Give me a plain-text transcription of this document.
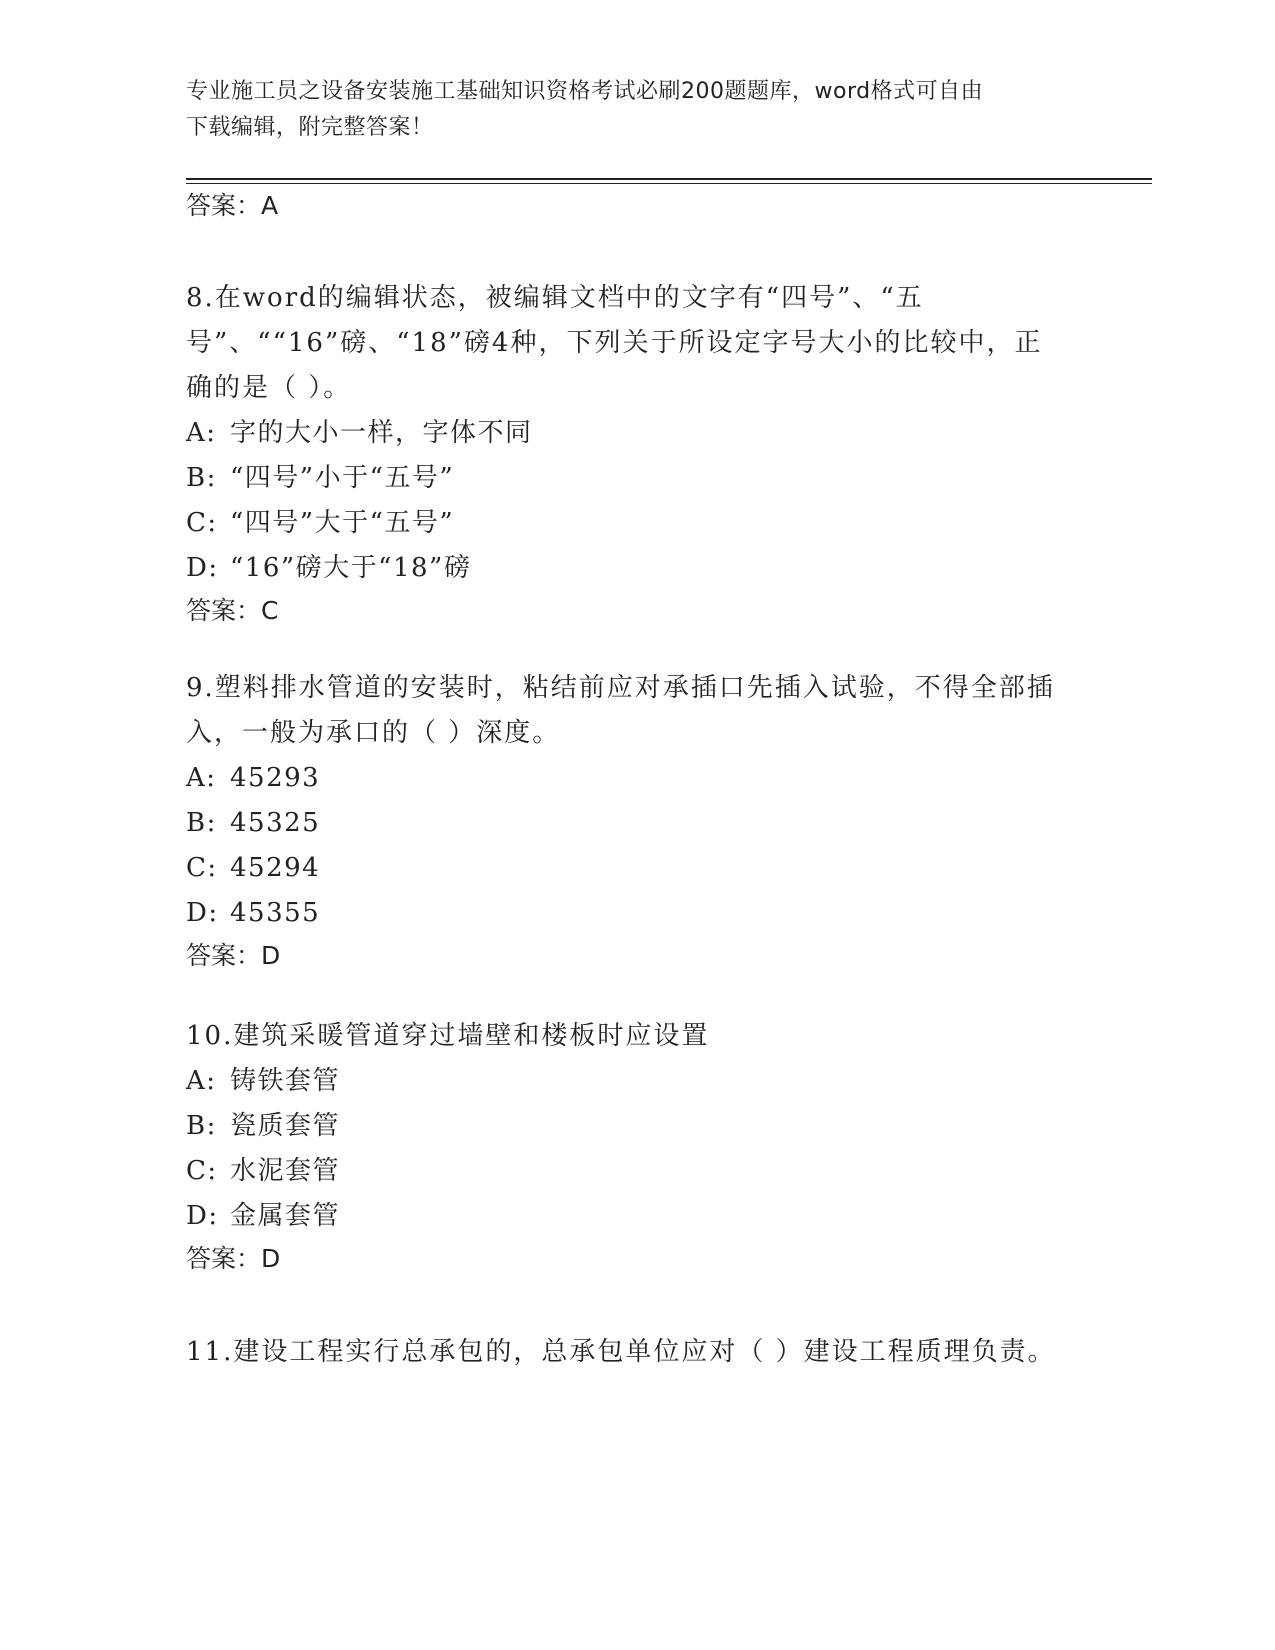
专业施工员之设备安装施工基础知识资格考试必刷200题题库，word格式可自由
下载编辑，附完整答案！
答案：A

8.在word的编辑状态，被编辑文档中的文字有“四号”、“五号”、““16”磅、“18”磅4种，下列关于所设定字号大小的比较中，正确的是（ ）。

A: 字的大小一样，字体不同
B: “四号”小于“五号”
C: “四号”大于“五号”
D: “16”磅大于“18”磅
答案：C

9.塑料排水管道的安装时，粘结前应对承插口先插入试验，不得全部插入，一般为承口的（ ）深度。

A: 45293
B: 45325
C: 45294
D: 45355
答案：D

10.建筑采暖管道穿过墙壁和楼板时应设置

A: 铸铁套管
B: 瓷质套管
C: 水泥套管
D: 金属套管
答案：D

11.建设工程实行总承包的，总承包单位应对（ ）建设工程质理负责。
